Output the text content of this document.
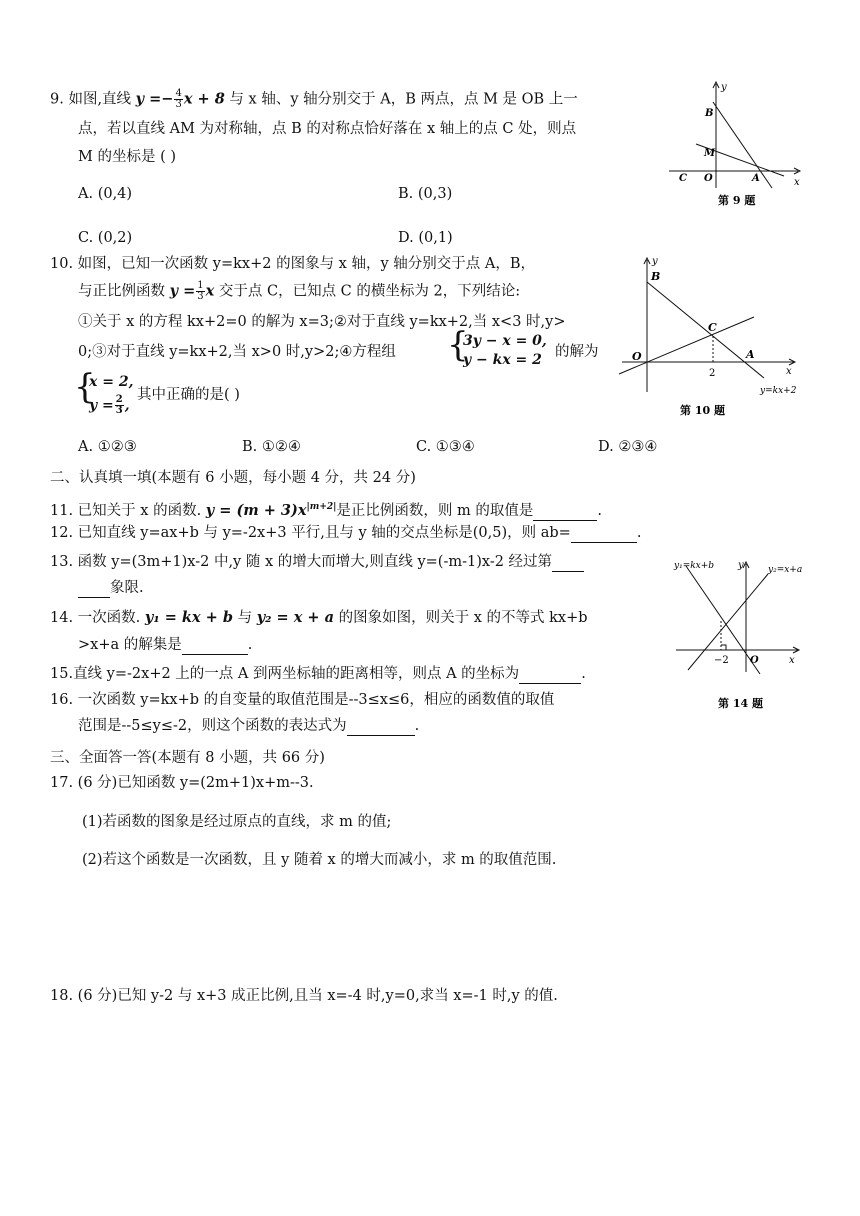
9. 如图,直线 $y =- \frac{4}{3}$ x + 8 与 x 轴、y 轴分别交于 A，B 两点，点 M 是 OB 上一
点，若以直线 AM 为对称轴，点 B 的对称点恰好落在 x 轴上的点 C 处，则点
M 的坐标是 ( )
A. (0,4)	B. (0,3)
C. (0,2)	D. (0,1)
y
x
B
M
C O	A
第 9 题
10. 如图，已知一次函数 y=kx+2 的图象与 x 轴，y 轴分别交于点 A，B，
与正比例函数 $y = \frac{1}{3}$ x 交于点 C，已知点 C 的横坐标为 2，下列结论:
①关于 x 的方程 kx+2=0 的解为 x=3;②对于直线 y=kx+2,当 x<3 时,y>
0;③对于直线 y=kx+2,当 x>0 时,y>2;④方程组 {
3y − x = 0,
y − kx = 2 的解为
{
x = 2,
$y = \frac{2}{3}$ ,
其中正确的是( )
A. ①②③	B. ①②④	C. ①③④	D. ②③④
y
B
C
O	A
x
2
y=kx+2
第 10 题
二、认真填一填(本题有 6 小题，每小题 4 分，共 24 分)
11. 已知关于 x 的函数. $y = (m + 3)x^{|m+2|}$是正比例函数，则 m 的取值是	.
12. 已知直线 y=ax+b 与 y=-2x+3 平行,且与 y 轴的交点坐标是(0,5)，则 ab=	.
13. 函数 y=(3m+1)x-2 中,y 随 x 的增大而增大,则直线 y=(-m-1)x-2 经过第
象限.
14. 一次函数. y₁ = kx + b 与 y₂ = x + a 的图象如图，则关于 x 的不等式 kx+b
>x+a 的解集是	.
y₁=kx+b y	y₂=x+a
−2 O	x
第 14 题
15.直线 y=-2x+2 上的一点 A 到两坐标轴的距离相等，则点 A 的坐标为	.
16. 一次函数 y=kx+b 的自变量的取值范围是--3≤x≤6，相应的函数值的取值
范围是--5≤y≤-2，则这个函数的表达式为	.
三、全面答一答(本题有 8 小题，共 66 分)
17. (6 分)已知函数 y=(2m+1)x+m--3.
(1)若函数的图象是经过原点的直线，求 m 的值;
(2)若这个函数是一次函数，且 y 随着 x 的增大而减小，求 m 的取值范围.
18. (6 分)已知 y-2 与 x+3 成正比例,且当 x=-4 时,y=0,求当 x=-1 时,y 的值.
